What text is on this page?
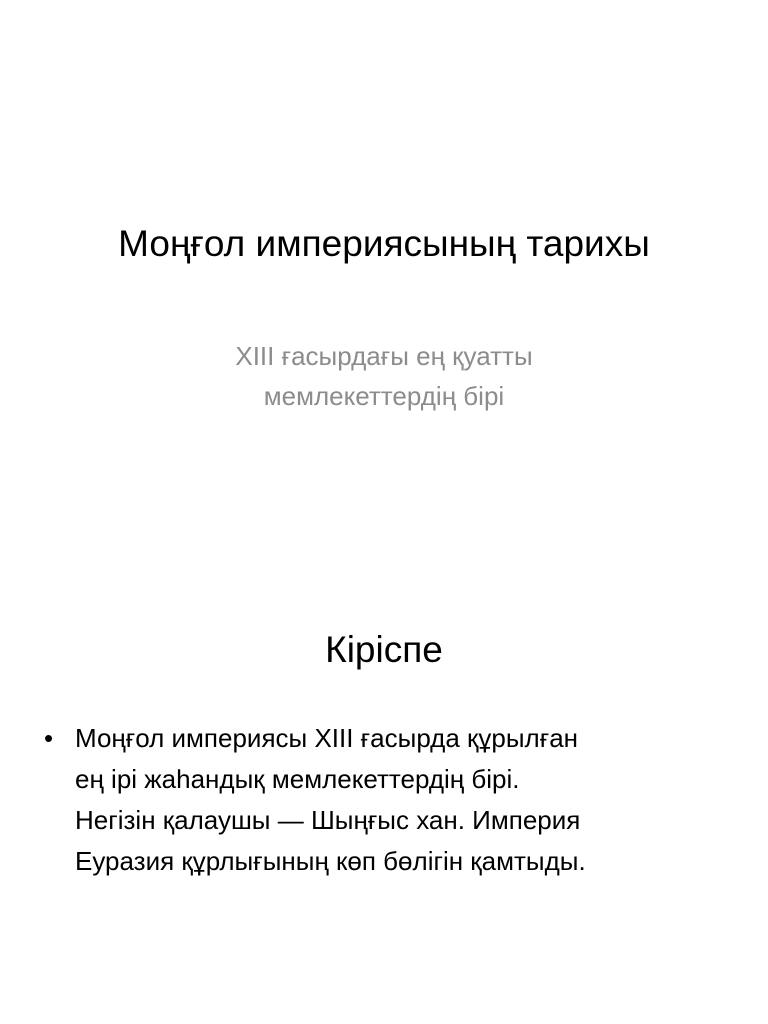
Моңғол империясының тарихы
XIII ғасырдағы ең қуатты
мемлекеттердің бірі
Кіріспе
• Моңғол империясы XIII ғасырда құрылған
ең ірі жаһандық мемлекеттердің бірі.
Негізін қалаушы — Шыңғыс хан. Империя
Еуразия құрлығының көп бөлігін қамтыды.
